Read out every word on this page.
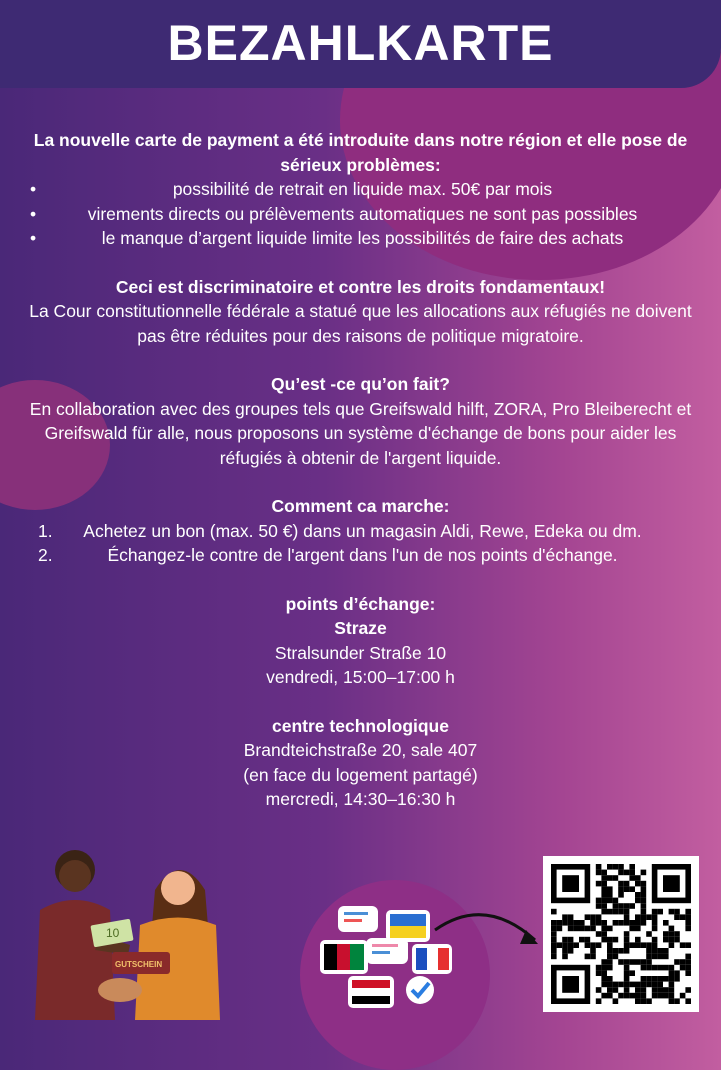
BEZAHLKARTE
La nouvelle carte de payment a été introduite dans notre région et elle pose de sérieux problèmes:
•	possibilité de retrait en liquide max. 50€ par mois
•	virements directs ou prélèvements automatiques ne sont pas possibles
•	le manque d’argent liquide limite les possibilités de faire des achats
Ceci est discriminatoire et contre les droits fondamentaux!
La Cour constitutionnelle fédérale a statué que les allocations aux réfugiés ne doivent pas être réduites pour des raisons de politique migratoire.
Qu’est -ce qu’on fait?
En collaboration avec des groupes tels que Greifswald hilft, ZORA, Pro Bleiberecht et Greifswald für alle, nous proposons un système d'échange de bons pour aider les réfugiés à obtenir de l'argent liquide.
Comment ca marche:
1. Achetez un bon (max. 50 €) dans un magasin Aldi, Rewe, Edeka ou dm.
2.	Échangez-le contre de l'argent dans l'un de nos points d'échange.
points d’échange:
Straze
Stralsunder Straße 10
vendredi, 15:00–17:00 h
centre technologique
Brandteichstraße 20, sale 407
(en face du logement partagé)
mercredi, 14:30–16:30 h
10
GUTSCHEIN
